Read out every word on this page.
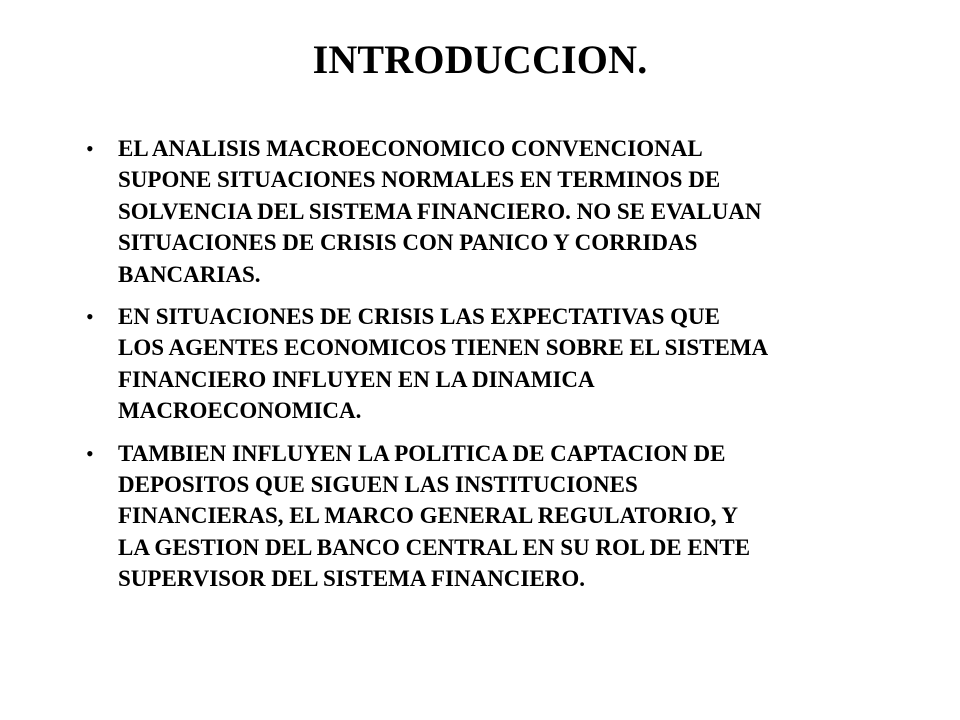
INTRODUCCION.
• EL ANALISIS MACROECONOMICO CONVENCIONAL
SUPONE SITUACIONES NORMALES EN TERMINOS DE
SOLVENCIA DEL SISTEMA FINANCIERO. NO SE EVALUAN
SITUACIONES DE CRISIS CON PANICO Y CORRIDAS
BANCARIAS.
• EN SITUACIONES DE CRISIS LAS EXPECTATIVAS QUE
LOS AGENTES ECONOMICOS TIENEN SOBRE EL SISTEMA
FINANCIERO INFLUYEN EN LA DINAMICA
MACROECONOMICA.
• TAMBIEN INFLUYEN LA POLITICA DE CAPTACION DE
DEPOSITOS QUE SIGUEN LAS INSTITUCIONES
FINANCIERAS, EL MARCO GENERAL REGULATORIO, Y
LA GESTION DEL BANCO CENTRAL EN SU ROL DE ENTE
SUPERVISOR DEL SISTEMA FINANCIERO.
